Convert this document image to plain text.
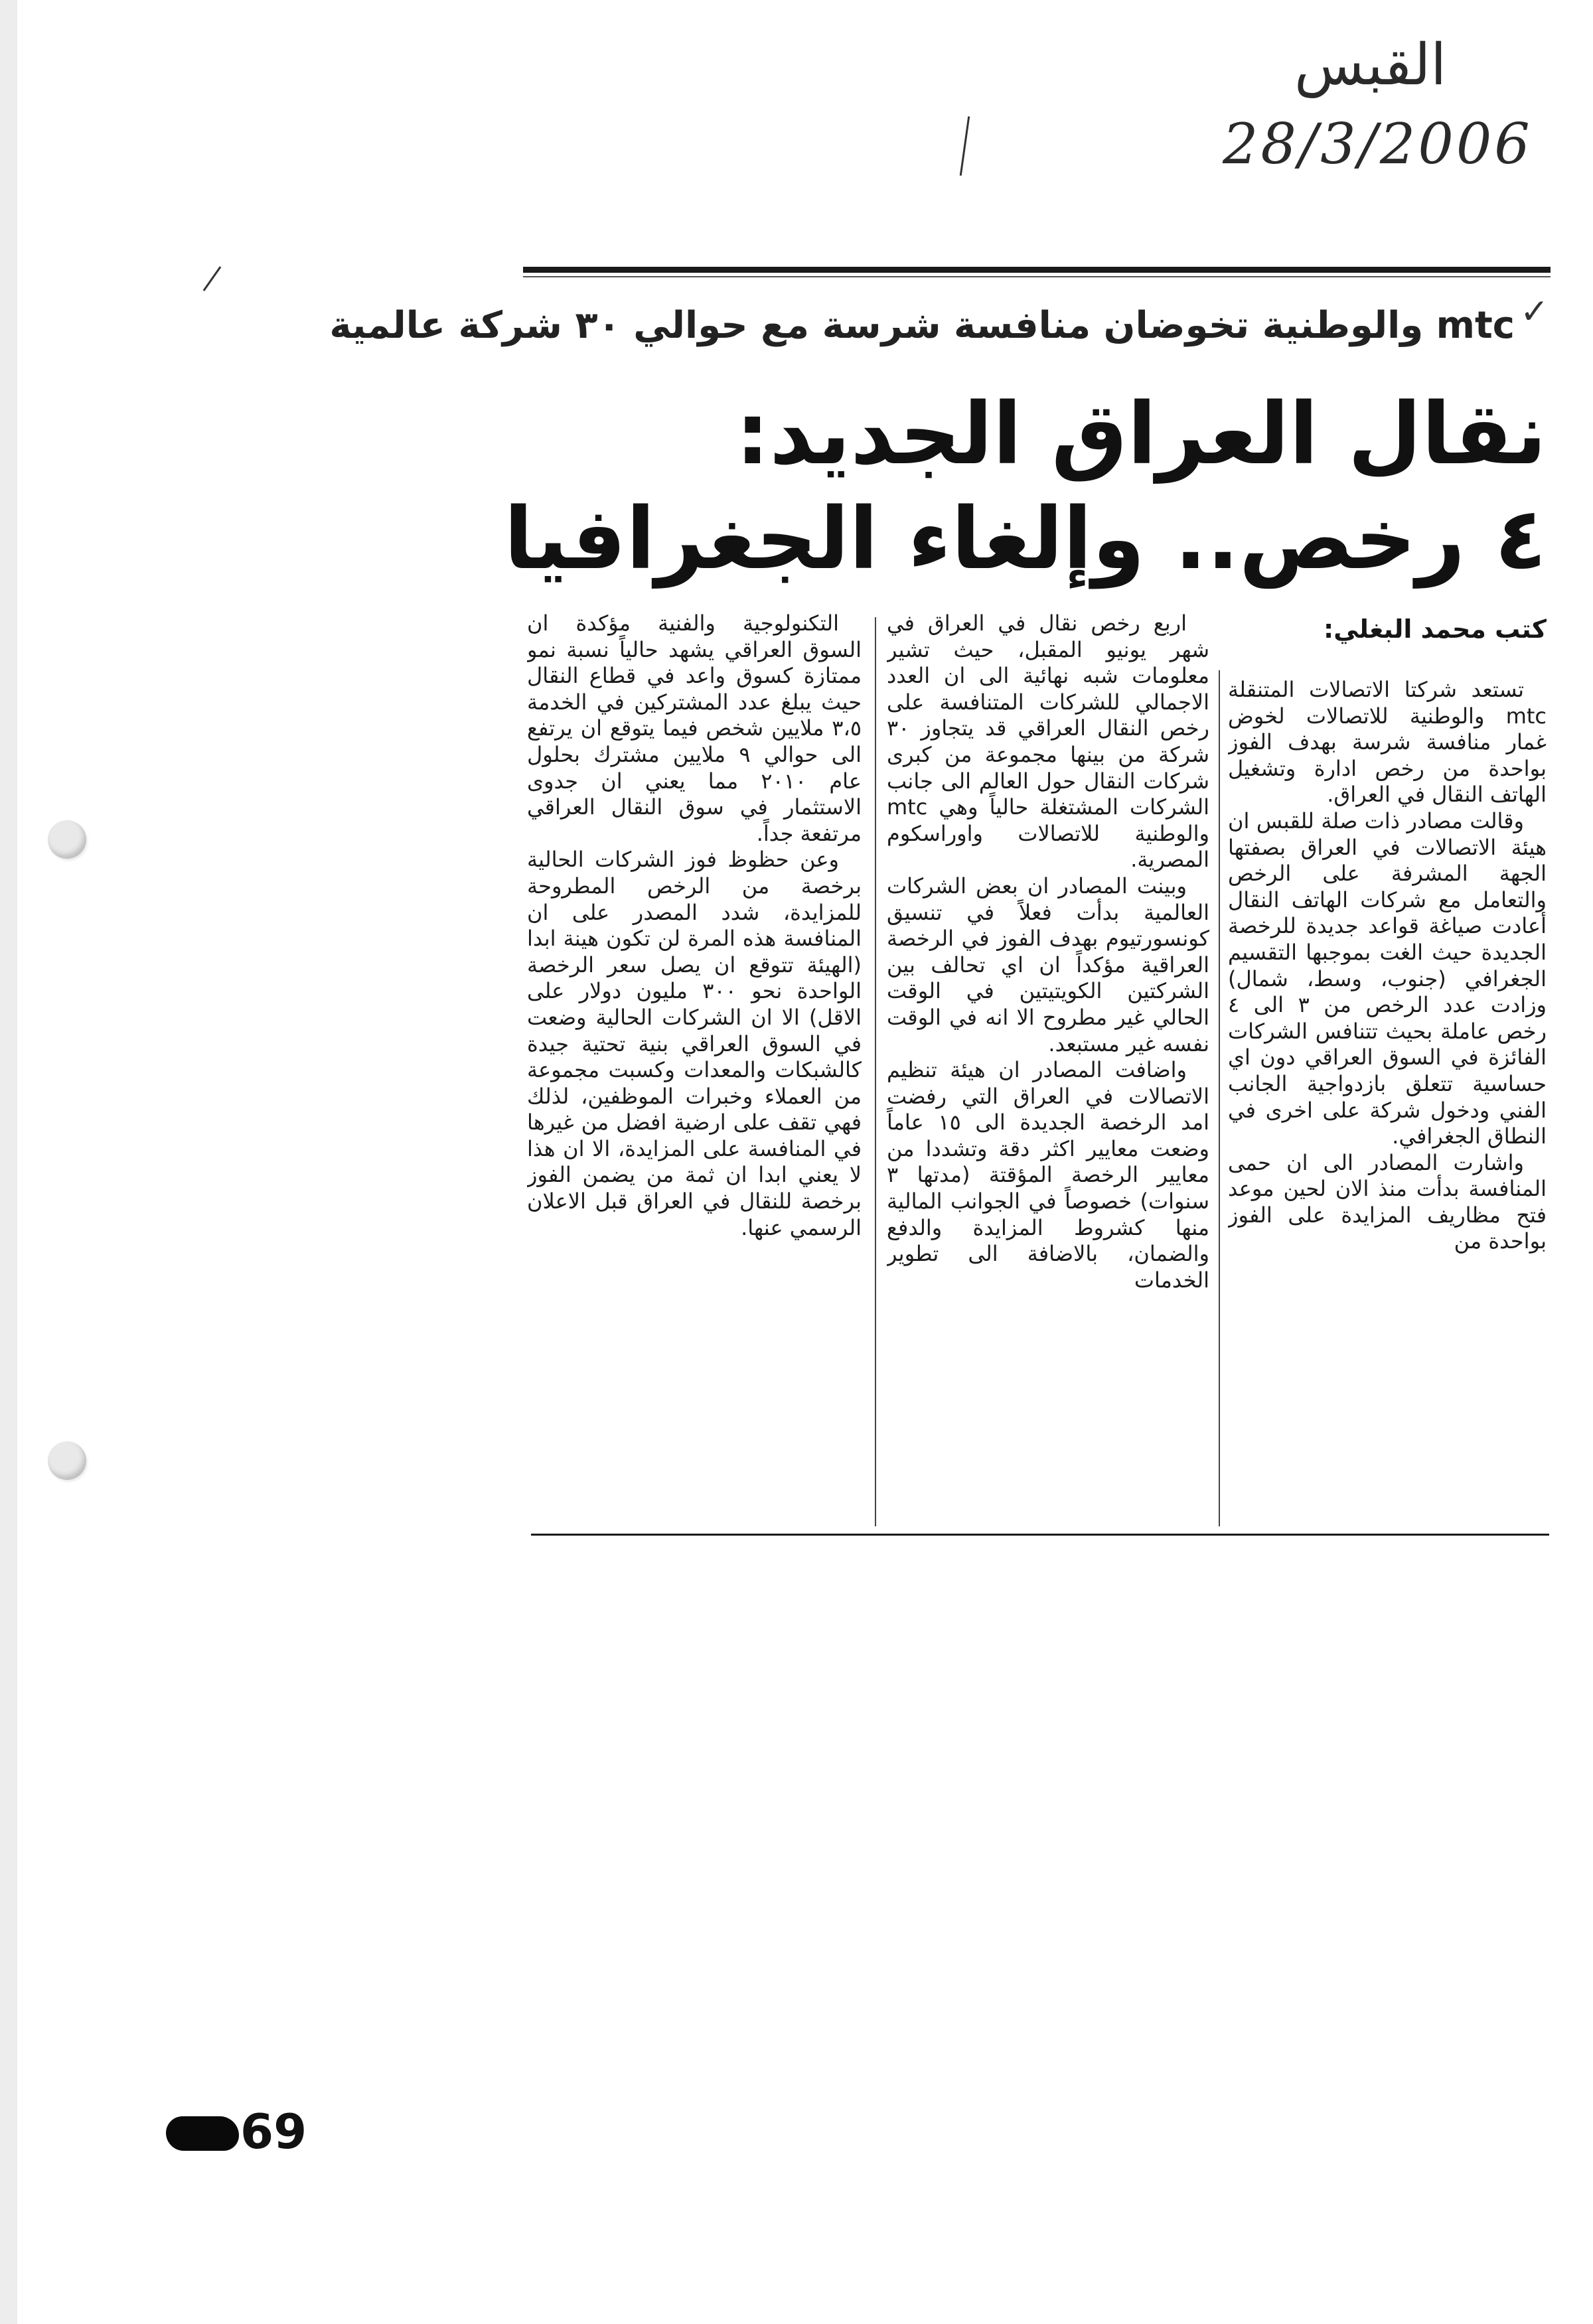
القبس
28/3/2006
✓
mtc والوطنية تخوضان منافسة شرسة مع حوالي ٣٠ شركة عالمية
نقال العراق الجديد:
٤ رخص.. وإلغاء الجغرافيا
كتب محمد البغلي:

تستعد شركتا الاتصالات المتنقلة mtc والوطنية للاتصالات لخوض غمار منافسة شرسة بهدف الفوز بواحدة من رخص ادارة وتشغيل الهاتف النقال في العراق.

وقالت مصادر ذات صلة للقبس ان هيئة الاتصالات في العراق بصفتها الجهة المشرفة على الرخص والتعامل مع شركات الهاتف النقال أعادت صياغة قواعد جديدة للرخصة الجديدة حيث الغت بموجبها التقسيم الجغرافي (جنوب، وسط، شمال) وزادت عدد الرخص من ٣ الى ٤ رخص عاملة بحيث تتنافس الشركات الفائزة في السوق العراقي دون اي حساسية تتعلق بازدواجية الجانب الفني ودخول شركة على اخرى في النطاق الجغرافي.

واشارت المصادر الى ان حمى المنافسة بدأت منذ الان لحين موعد فتح مظاريف المزايدة على الفوز بواحدة من

اربع رخص نقال في العراق في شهر يونيو المقبل، حيث تشير معلومات شبه نهائية الى ان العدد الاجمالي للشركات المتنافسة على رخص النقال العراقي قد يتجاوز ٣٠ شركة من بينها مجموعة من كبرى شركات النقال حول العالم الى جانب الشركات المشتغلة حالياً وهي mtc والوطنية للاتصالات واوراسكوم المصرية.

وبينت المصادر ان بعض الشركات العالمية بدأت فعلاً في تنسيق كونسورتيوم بهدف الفوز في الرخصة العراقية مؤكداً ان اي تحالف بين الشركتين الكويتيتين في الوقت الحالي غير مطروح الا انه في الوقت نفسه غير مستبعد.

واضافت المصادر ان هيئة تنظيم الاتصالات في العراق التي رفضت امد الرخصة الجديدة الى ١٥ عاماً وضعت معايير اكثر دقة وتشددا من معايير الرخصة المؤقتة (مدتها ٣ سنوات) خصوصاً في الجوانب المالية منها كشروط المزايدة والدفع والضمان، بالاضافة الى تطوير الخدمات

التكنولوجية والفنية مؤكدة ان السوق العراقي يشهد حالياً نسبة نمو ممتازة كسوق واعد في قطاع النقال حيث يبلغ عدد المشتركين في الخدمة ٣،٥ ملايين شخص فيما يتوقع ان يرتفع الى حوالي ٩ ملايين مشترك بحلول عام ٢٠١٠ مما يعني ان جدوى الاستثمار في سوق النقال العراقي مرتفعة جداً.

وعن حظوظ فوز الشركات الحالية برخصة من الرخص المطروحة للمزايدة، شدد المصدر على ان المنافسة هذه المرة لن تكون هينة ابدا (الهيئة تتوقع ان يصل سعر الرخصة الواحدة نحو ٣٠٠ مليون دولار على الاقل) الا ان الشركات الحالية وضعت في السوق العراقي بنية تحتية جيدة كالشبكات والمعدات وكسبت مجموعة من العملاء وخبرات الموظفين، لذلك فهي تقف على ارضية افضل من غيرها في المنافسة على المزايدة، الا ان هذا لا يعني ابدا ان ثمة من يضمن الفوز برخصة للنقال في العراق قبل الاعلان الرسمي عنها.

69
